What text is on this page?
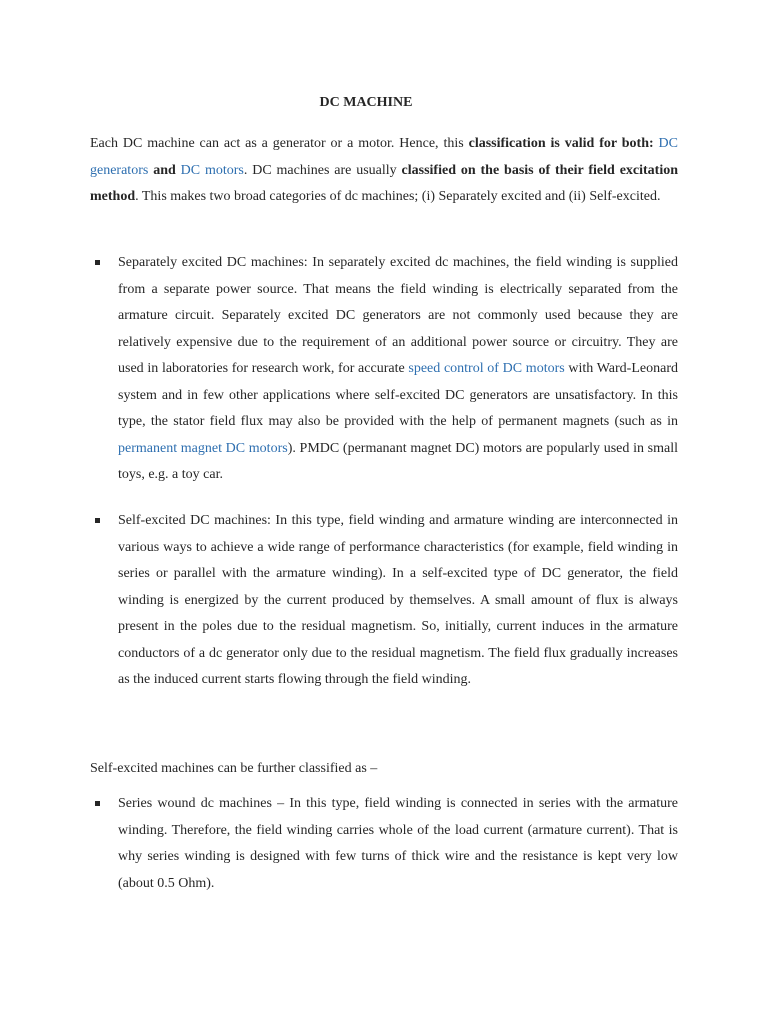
DC MACHINE
Each DC machine can act as a generator or a motor. Hence, this classification is valid for both: DC generators and DC motors. DC machines are usually classified on the basis of their field excitation method. This makes two broad categories of dc machines; (i) Separately excited and (ii) Self-excited.
Separately excited DC machines: In separately excited dc machines, the field winding is supplied from a separate power source. That means the field winding is electrically separated from the armature circuit. Separately excited DC generators are not commonly used because they are relatively expensive due to the requirement of an additional power source or circuitry. They are used in laboratories for research work, for accurate speed control of DC motors with Ward-Leonard system and in few other applications where self-excited DC generators are unsatisfactory. In this type, the stator field flux may also be provided with the help of permanent magnets (such as in permanent magnet DC motors). PMDC (permanant magnet DC) motors are popularly used in small toys, e.g. a toy car.
Self-excited DC machines: In this type, field winding and armature winding are interconnected in various ways to achieve a wide range of performance characteristics (for example, field winding in series or parallel with the armature winding). In a self-excited type of DC generator, the field winding is energized by the current produced by themselves. A small amount of flux is always present in the poles due to the residual magnetism. So, initially, current induces in the armature conductors of a dc generator only due to the residual magnetism. The field flux gradually increases as the induced current starts flowing through the field winding.
Self-excited machines can be further classified as –
Series wound dc machines – In this type, field winding is connected in series with the armature winding. Therefore, the field winding carries whole of the load current (armature current). That is why series winding is designed with few turns of thick wire and the resistance is kept very low (about 0.5 Ohm).
